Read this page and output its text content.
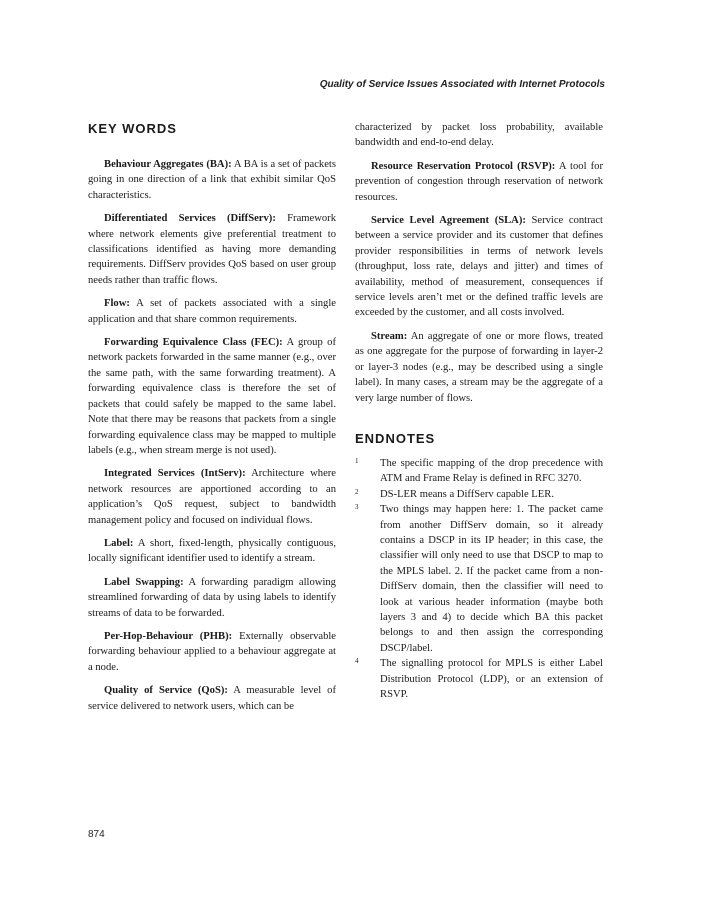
Quality of Service Issues Associated with Internet Protocols
KEY WORDS

Behaviour Aggregates (BA): A BA is a set of packets going in one direction of a link that exhibit similar QoS characteristics.

Differentiated Services (DiffServ): Framework where network elements give preferential treatment to classifications identified as having more demanding requirements. DiffServ provides QoS based on user group needs rather than traffic flows.

Flow: A set of packets associated with a single application and that share common requirements.

Forwarding Equivalence Class (FEC): A group of network packets forwarded in the same manner (e.g., over the same path, with the same forwarding treatment). A forwarding equivalence class is therefore the set of packets that could safely be mapped to the same label. Note that there may be reasons that packets from a single forwarding equivalence class may be mapped to multiple labels (e.g., when stream merge is not used).

Integrated Services (IntServ): Architecture where network resources are apportioned according to an application’s QoS request, subject to bandwidth management policy and focused on individual flows.

Label: A short, fixed-length, physically contiguous, locally significant identifier used to identify a stream.

Label Swapping: A forwarding paradigm allowing streamlined forwarding of data by using labels to identify streams of data to be forwarded.

Per-Hop-Behaviour (PHB): Externally observable forwarding behaviour applied to a behaviour aggregate at a node.

Quality of Service (QoS): A measurable level of service delivered to network users, which can be

characterized by packet loss probability, available bandwidth and end-to-end delay.

Resource Reservation Protocol (RSVP): A tool for prevention of congestion through reservation of network resources.

Service Level Agreement (SLA): Service contract between a service provider and its customer that defines provider responsibilities in terms of network levels (throughput, loss rate, delays and jitter) and times of availability, method of measurement, consequences if service levels aren’t met or the defined traffic levels are exceeded by the customer, and all costs involved.

Stream: An aggregate of one or more flows, treated as one aggregate for the purpose of forwarding in layer-2 or layer-3 nodes (e.g., may be described using a single label). In many cases, a stream may be the aggregate of a very large number of flows.

ENDNOTES

1 The specific mapping of the drop precedence with ATM and Frame Relay is defined in RFC 3270.

2 DS-LER means a DiffServ capable LER.

3 Two things may happen here: 1. The packet came from another DiffServ domain, so it already contains a DSCP in its IP header; in this case, the classifier will only need to use that DSCP to map to the MPLS label. 2. If the packet came from a non-DiffServ domain, then the classifier will need to look at various header information (maybe both layers 3 and 4) to decide which BA this packet belongs to and then assign the corresponding DSCP/label.

4 The signalling protocol for MPLS is either Label Distribution Protocol (LDP), or an extension of RSVP.

874
